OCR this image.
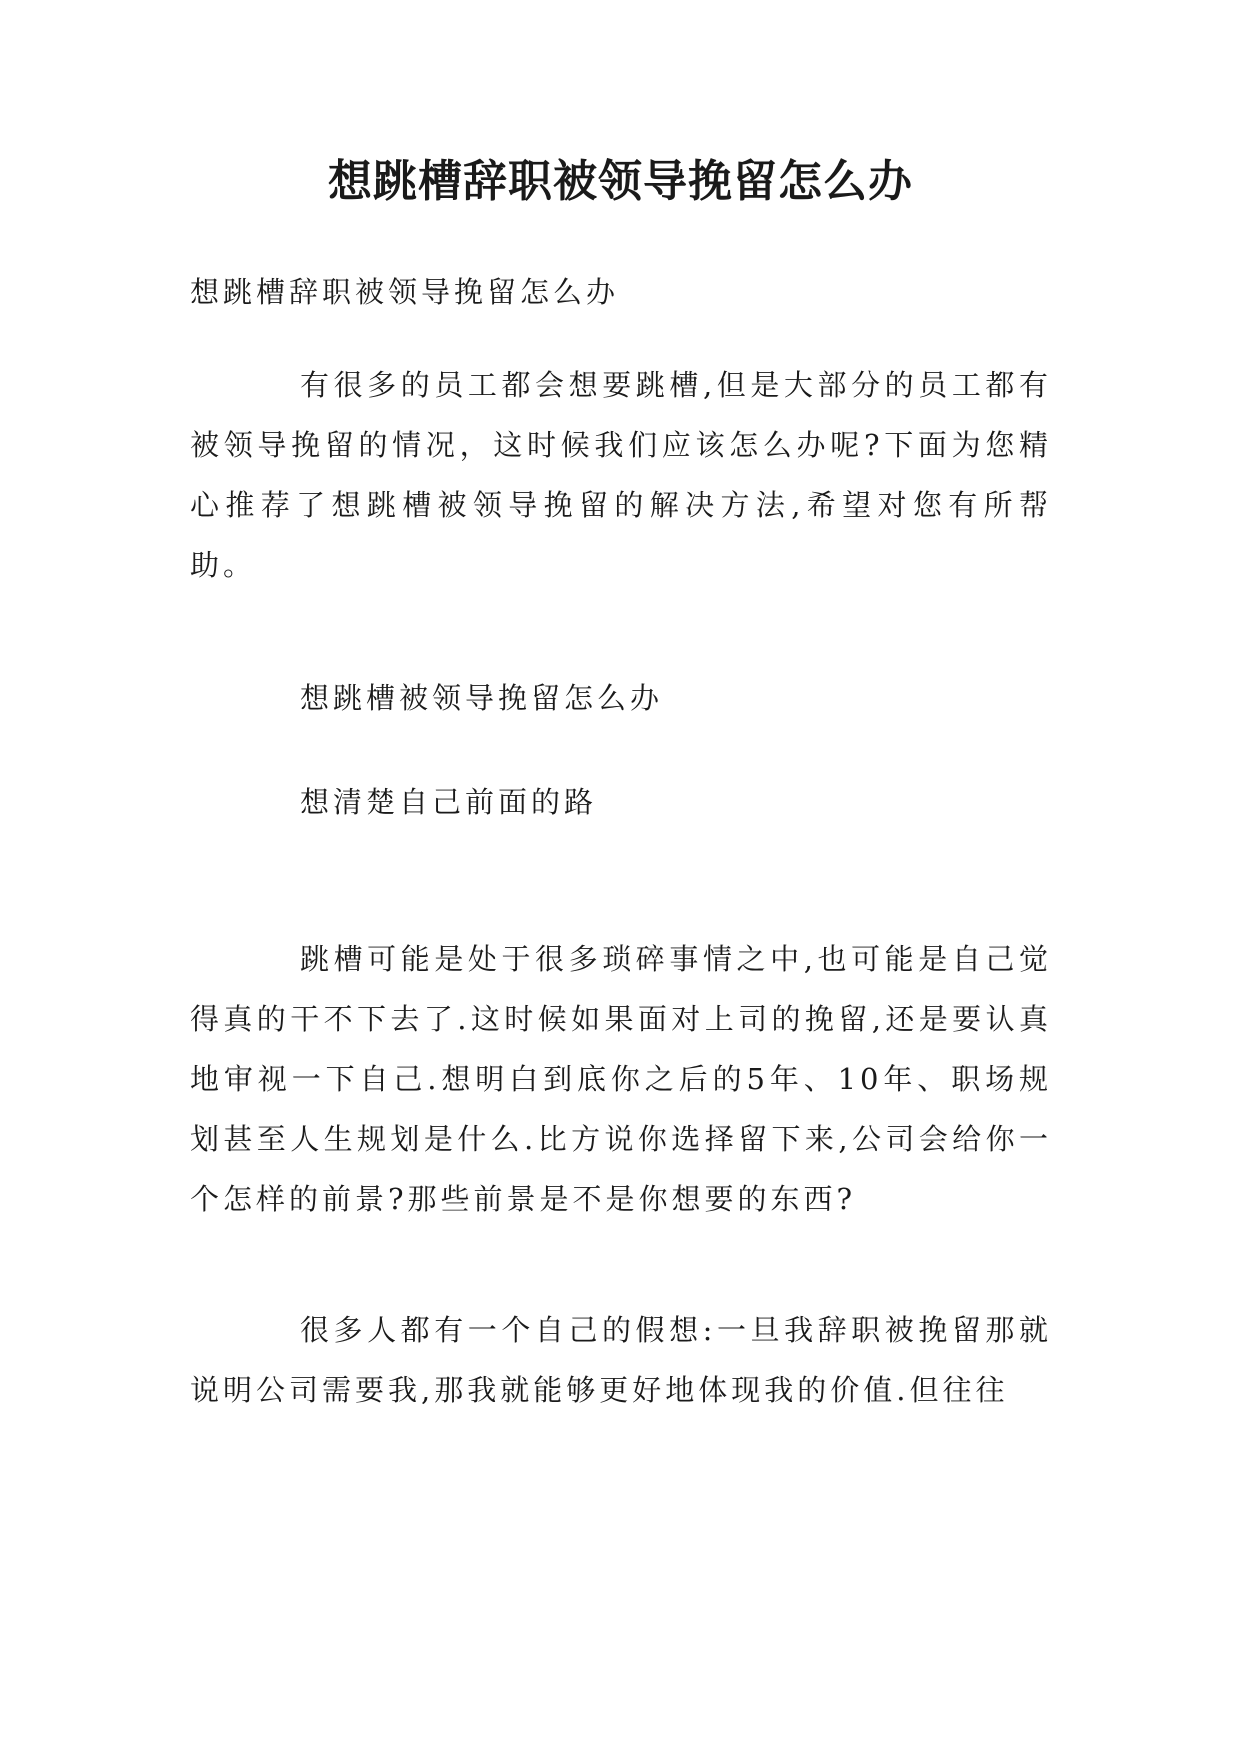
想跳槽辞职被领导挽留怎么办

想跳槽辞职被领导挽留怎么办

有很多的员工都会想要跳槽,但是大部分的员工都有被领导挽留的情况，这时候我们应该怎么办呢?下面为您精心推荐了想跳槽被领导挽留的解决方法,希望对您有所帮助。

想跳槽被领导挽留怎么办

想清楚自己前面的路

跳槽可能是处于很多琐碎事情之中,也可能是自己觉得真的干不下去了.这时候如果面对上司的挽留,还是要认真地审视一下自己.想明白到底你之后的5年、10年、职场规划甚至人生规划是什么.比方说你选择留下来,公司会给你一个怎样的前景?那些前景是不是你想要的东西?

很多人都有一个自己的假想:一旦我辞职被挽留那就说明公司需要我,那我就能够更好地体现我的价值.但往往
